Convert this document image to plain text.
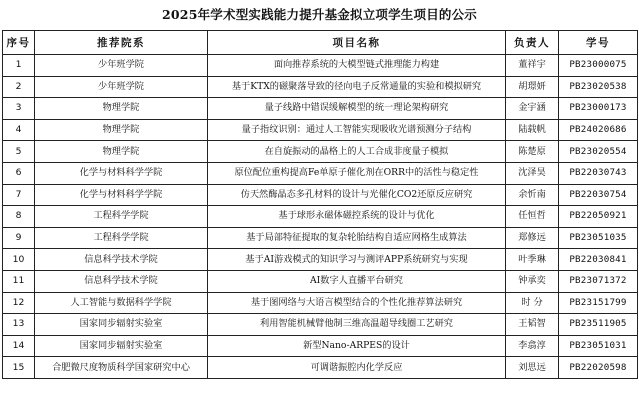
2025年学术型实践能力提升基金拟立项学生项目的公示
序号	推荐院系	项目名称	负责人	学号
1	少年班学院	面向推荐系统的大模型链式推理能力构建	董祥宇	PB23000075
2	少年班学院	基于KTX的磁聚落导致的径向电子反常通量的实验和模拟研究	胡璟妍	PB23020538
3	物理学院	量子线路中错误缓解模型的统一理论架构研究	金宇涵	PB23000173
4	物理学院	量子指纹识别：通过人工智能实现吸收光谱预测分子结构	陆载帆	PB24020686
5	物理学院	在自旋振动的晶格上的人工合成非度量子模拟	陈楚原	PB23020554
6	化学与材料科学学院	原位配位重构提高Fe单原子催化剂在ORR中的活性与稳定性	沈泽昊	PB22030743
7	化学与材料科学学院	仿天然酶晶态多孔材料的设计与光催化CO2还原反应研究	余忻南	PB22030754
8	工程科学学院	基于球形永磁体磁控系统的设计与优化	任恒哲	PB22050921
9	工程科学学院	基于局部特征提取的复杂轮胎结构自适应网格生成算法	郑修远	PB23051035
10	信息科学技术学院	基于AI游戏模式的知识学习与测评APP系统研究与实现	叶季琳	PB22030841
11	信息科学技术学院	AI数字人直播平台研究	钟承奕	PB23071372
12	人工智能与数据科学学院	基于图网络与大语言模型结合的个性化推荐算法研究	时 分	PB23151799
13	国家同步辐射实验室	利用智能机械臂他制三维高温超导线圈工艺研究	王韬智	PB23511905
14	国家同步辐射实验室	新型Nano-ARPES的设计	李翕淳	PB23051031
15	合肥微尺度物质科学国家研究中心	可调谐振腔内化学反应	刘思远	PB22020598
